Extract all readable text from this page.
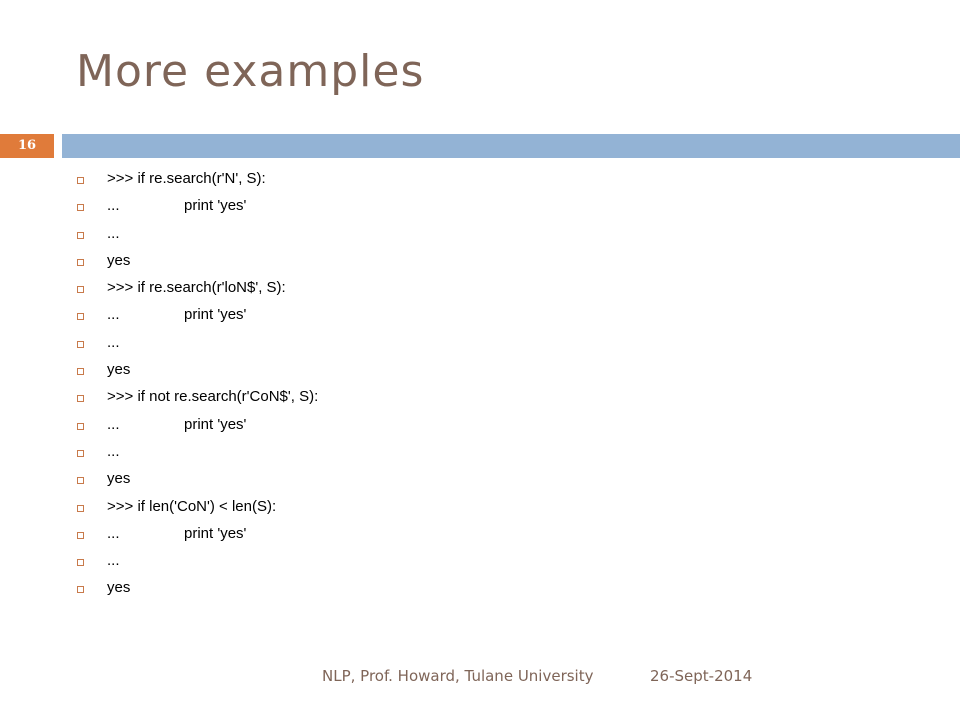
More examples
16
>>> if re.search(r'N', S):
...	print 'yes'
...
yes
>>> if re.search(r'loN$', S):
...	print 'yes'
...
yes
>>> if not re.search(r'CoN$', S):
...	print 'yes'
...
yes
>>> if len('CoN') < len(S):
...	print 'yes'
...
yes
NLP, Prof. Howard, Tulane University	26-Sept-2014
